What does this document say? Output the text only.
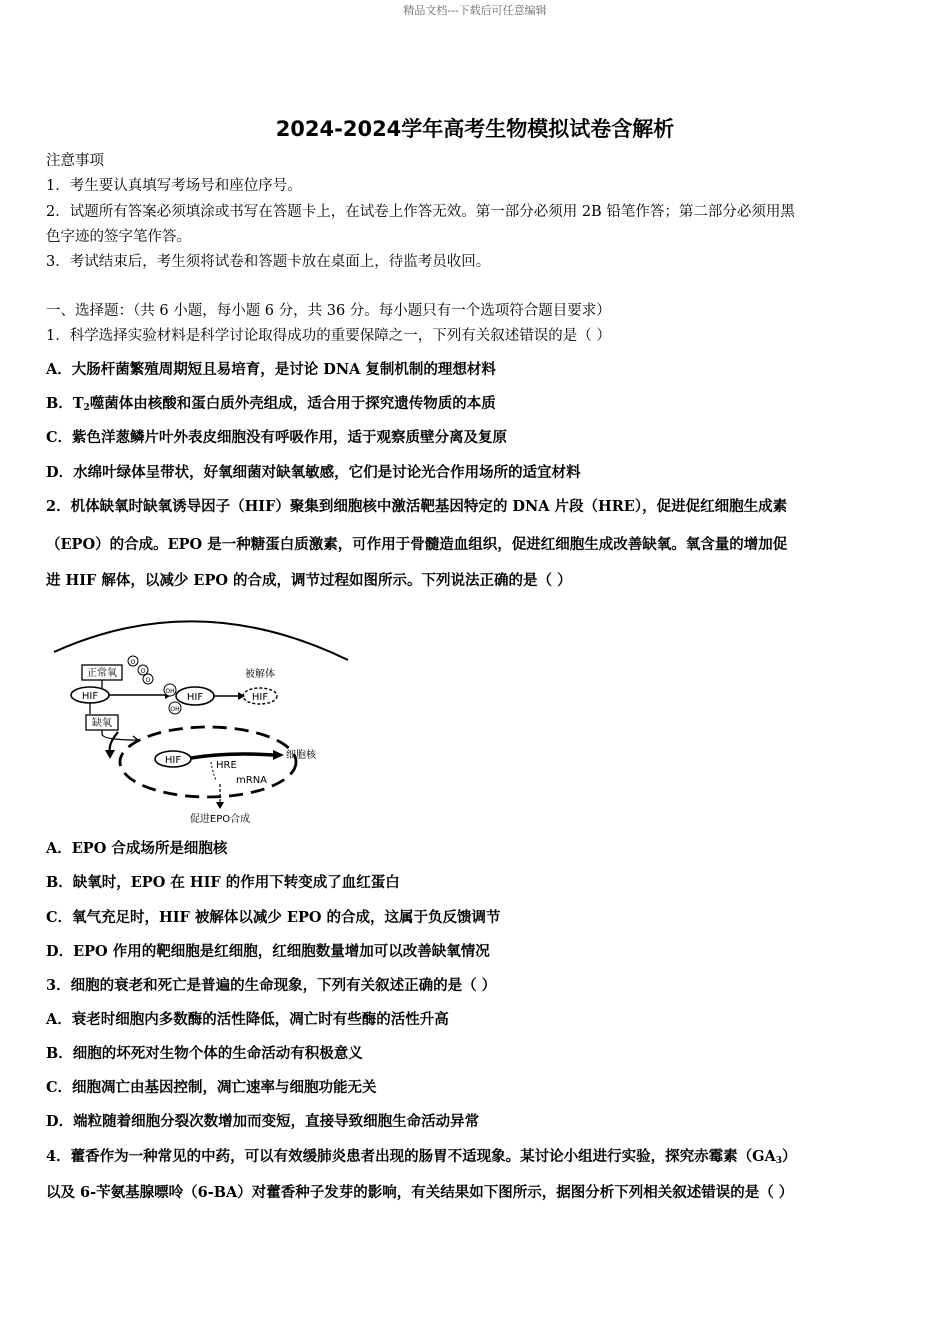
精品文档---下载后可任意编辑
2024-2024学年高考生物模拟试卷含解析
注意事项
1．考生要认真填写考场号和座位序号。
2．试题所有答案必须填涂或书写在答题卡上，在试卷上作答无效。第一部分必须用 2B 铅笔作答；第二部分必须用黑
色字迹的签字笔作答。
3．考试结束后，考生须将试卷和答题卡放在桌面上，待监考员收回。
一、选择题：（共 6 小题，每小题 6 分，共 36 分。每小题只有一个选项符合题目要求）
1．科学选择实验材料是科学讨论取得成功的重要保障之一，下列有关叙述错误的是（ ）
A．大肠杆菌繁殖周期短且易培育，是讨论 DNA 复制机制的理想材料
B．$T_2$噬菌体由核酸和蛋白质外壳组成，适合用于探究遗传物质的本质
C．紫色洋葱鳞片叶外表皮细胞没有呼吸作用，适于观察质壁分离及复原
D．水绵叶绿体呈带状，好氧细菌对缺氧敏感，它们是讨论光合作用场所的适宜材料
2．机体缺氧时缺氧诱导因子（HIF）聚集到细胞核中激活靶基因特定的 DNA 片段（HRE），促进促红细胞生成素
（EPO）的合成。EPO 是一种糖蛋白质激素，可作用于骨髓造血组织，促进红细胞生成改善缺氧。氧含量的增加促
进 HIF 解体，以减少 EPO 的合成，调节过程如图所示。下列说法正确的是（ ）
正常氧
HIF
O
O
O
OH
OH
HIF	HIF
被解体
缺氧
HIF	HRE
细胞核
mRNA
促进EPO合成
A．EPO 合成场所是细胞核
B．缺氧时，EPO 在 HIF 的作用下转变成了血红蛋白
C．氧气充足时，HIF 被解体以减少 EPO 的合成，这属于负反馈调节
D．EPO 作用的靶细胞是红细胞，红细胞数量增加可以改善缺氧情况
3．细胞的衰老和死亡是普遍的生命现象，下列有关叙述正确的是（ ）
A．衰老时细胞内多数酶的活性降低，凋亡时有些酶的活性升高
B．细胞的坏死对生物个体的生命活动有积极意义
C．细胞凋亡由基因控制，凋亡速率与细胞功能无关
D．端粒随着细胞分裂次数增加而变短，直接导致细胞生命活动异常
4．藿香作为一种常见的中药，可以有效缓肺炎患者出现的肠胃不适现象。某讨论小组进行实验，探究赤霉素$(GA_3)$
以及 6-苄氨基腺嘌呤（6-BA）对藿香种子发芽的影响，有关结果如下图所示，据图分析下列相关叙述错误的是（ ）
